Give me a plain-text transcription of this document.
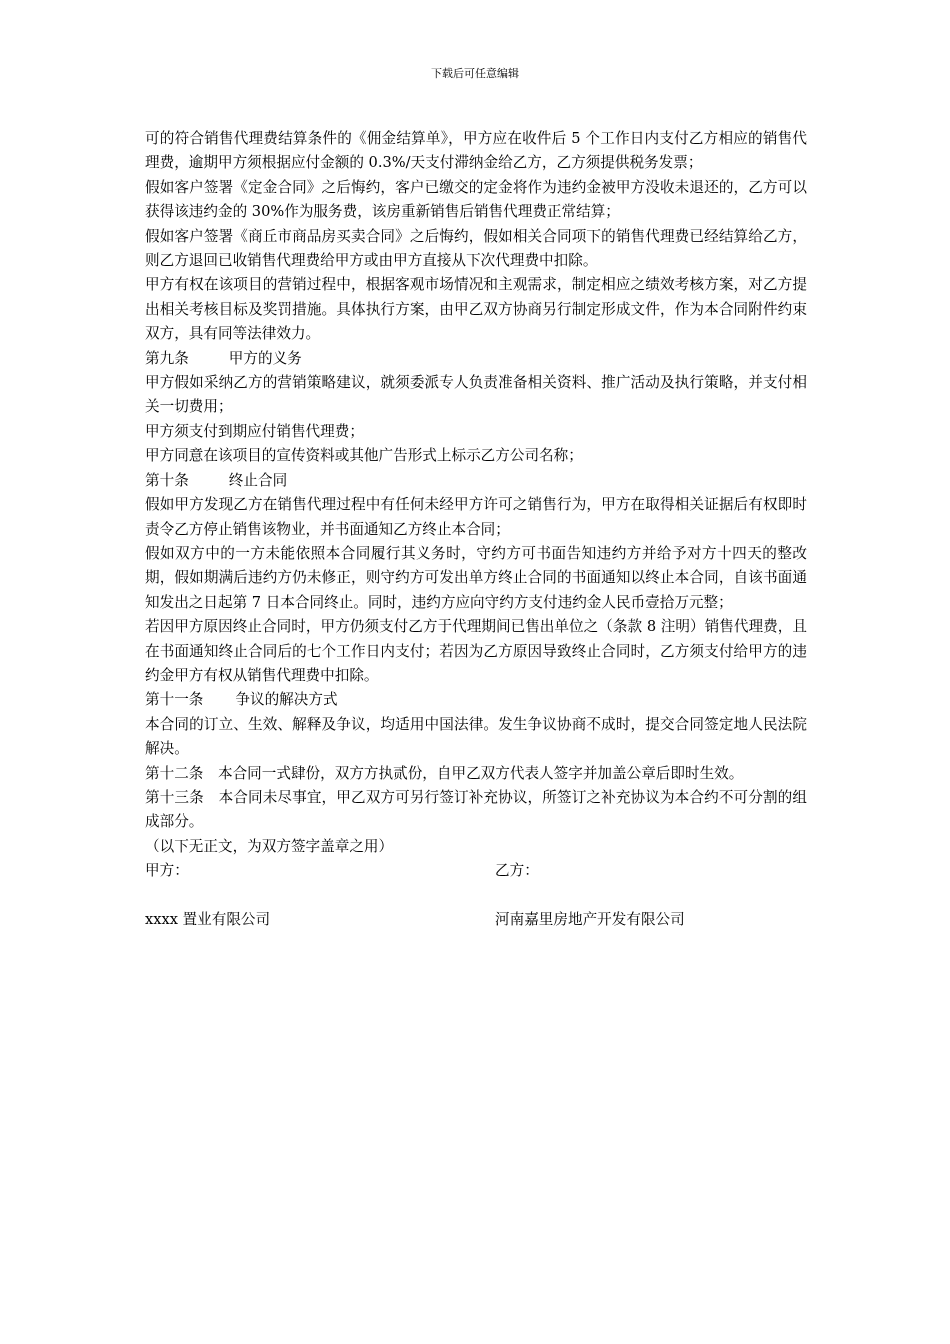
下载后可任意编辑

可的符合销售代理费结算条件的《佣金结算单》，甲方应在收件后 5 个工作日内支付乙方相应的销售代理费，逾期甲方须根据应付金额的 0.3%/天支付滞纳金给乙方，乙方须提供税务发票；

假如客户签署《定金合同》之后悔约，客户已缴交的定金将作为违约金被甲方没收未退还的，乙方可以获得该违约金的 30%作为服务费，该房重新销售后销售代理费正常结算；

假如客户签署《商丘市商品房买卖合同》之后悔约，假如相关合同项下的销售代理费已经结算给乙方，则乙方退回已收销售代理费给甲方或由甲方直接从下次代理费中扣除。

甲方有权在该项目的营销过程中，根据客观市场情况和主观需求，制定相应之绩效考核方案，对乙方提出相关考核目标及奖罚措施。具体执行方案，由甲乙双方协商另行制定形成文件，作为本合同附件约束双方，具有同等法律效力。

第九条	甲方的义务

甲方假如采纳乙方的营销策略建议，就须委派专人负责准备相关资料、推广活动及执行策略，并支付相关一切费用；

甲方须支付到期应付销售代理费；

甲方同意在该项目的宣传资料或其他广告形式上标示乙方公司名称；

第十条	终止合同

假如甲方发现乙方在销售代理过程中有任何未经甲方许可之销售行为，甲方在取得相关证据后有权即时责令乙方停止销售该物业，并书面通知乙方终止本合同；

假如双方中的一方未能依照本合同履行其义务时，守约方可书面告知违约方并给予对方十四天的整改期，假如期满后违约方仍未修正，则守约方可发出单方终止合同的书面通知以终止本合同，自该书面通知发出之日起第 7 日本合同终止。同时，违约方应向守约方支付违约金人民币壹拾万元整；

若因甲方原因终止合同时，甲方仍须支付乙方于代理期间已售出单位之（条款 8 注明）销售代理费，且在书面通知终止合同后的七个工作日内支付；若因为乙方原因导致终止合同时，乙方须支付给甲方的违约金甲方有权从销售代理费中扣除。

第十一条 争议的解决方式

本合同的订立、生效、解释及争议，均适用中国法律。发生争议协商不成时，提交合同签定地人民法院解决。

第十二条　本合同一式肆份，双方方执贰份，自甲乙双方代表人签字并加盖公章后即时生效。

第十三条　本合同未尽事宜，甲乙双方可另行签订补充协议，所签订之补充协议为本合约不可分割的组成部分。

（以下无正文，为双方签字盖章之用）

甲方：	乙方：
xxxx 置业有限公司	河南嘉里房地产开发有限公司
